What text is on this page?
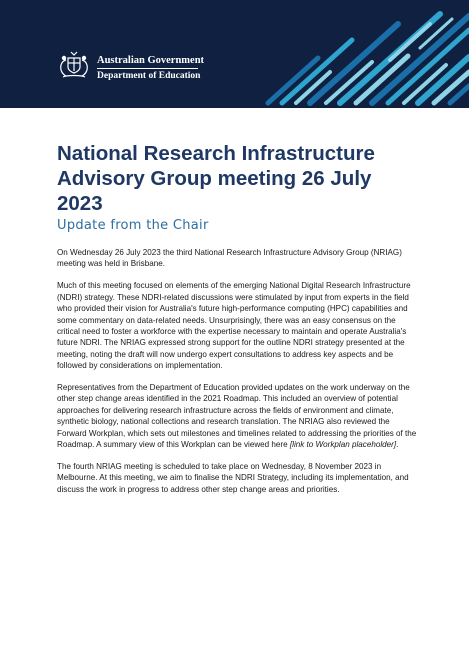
Australian Government
Department of Education
National Research Infrastructure Advisory Group meeting 26 July 2023
Update from the Chair

On Wednesday 26 July 2023 the third National Research Infrastructure Advisory Group (NRIAG) meeting was held in Brisbane.

Much of this meeting focused on elements of the emerging National Digital Research Infrastructure (NDRI) strategy. These NDRI-related discussions were stimulated by input from experts in the field who provided their vision for Australia's future high-performance computing (HPC) capabilities and some commentary on data-related needs. Unsurprisingly, there was an easy consensus on the critical need to foster a workforce with the expertise necessary to maintain and operate Australia's future NDRI. The NRIAG expressed strong support for the outline NDRI strategy presented at the meeting, noting the draft will now undergo expert consultations to address key aspects and be followed by considerations on implementation.

Representatives from the Department of Education provided updates on the work underway on the other step change areas identified in the 2021 Roadmap. This included an overview of potential approaches for delivering research infrastructure across the fields of environment and climate, synthetic biology, national collections and research translation. The NRIAG also reviewed the Forward Workplan, which sets out milestones and timelines related to addressing the priorities of the Roadmap. A summary view of this Workplan can be viewed here [link to Workplan placeholder].

The fourth NRIAG meeting is scheduled to take place on Wednesday, 8 November 2023 in Melbourne. At this meeting, we aim to finalise the NDRI Strategy, including its implementation, and discuss the work in progress to address other step change areas and priorities.
